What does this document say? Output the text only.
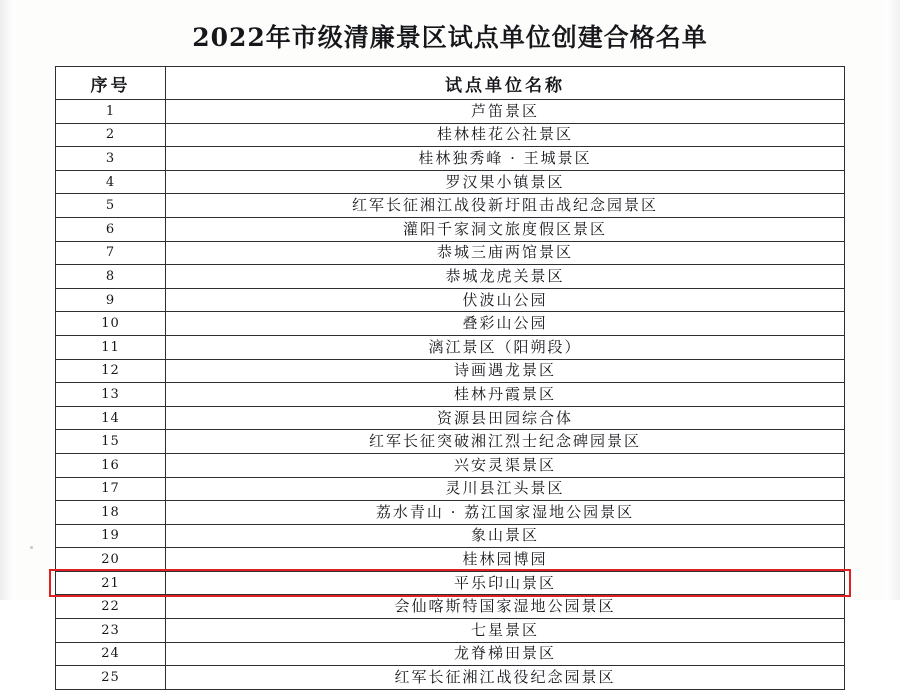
2022年市级清廉景区试点单位创建合格名单
序号	试点单位名称
1	芦笛景区
2	桂林桂花公社景区
3	桂林独秀峰 · 王城景区
4	罗汉果小镇景区
5	红军长征湘江战役新圩阻击战纪念园景区
6	灌阳千家洞文旅度假区景区
7	恭城三庙两馆景区
8	恭城龙虎关景区
9	伏波山公园
10	叠彩山公园
11	漓江景区（阳朔段）
12	诗画遇龙景区
13	桂林丹霞景区
14	资源县田园综合体
15	红军长征突破湘江烈士纪念碑园景区
16	兴安灵渠景区
17	灵川县江头景区
18	荔水青山 · 荔江国家湿地公园景区
19	象山景区
20	桂林园博园
21	平乐印山景区
22	会仙喀斯特国家湿地公园景区
23	七星景区
24	龙脊梯田景区
25	红军长征湘江战役纪念园景区
